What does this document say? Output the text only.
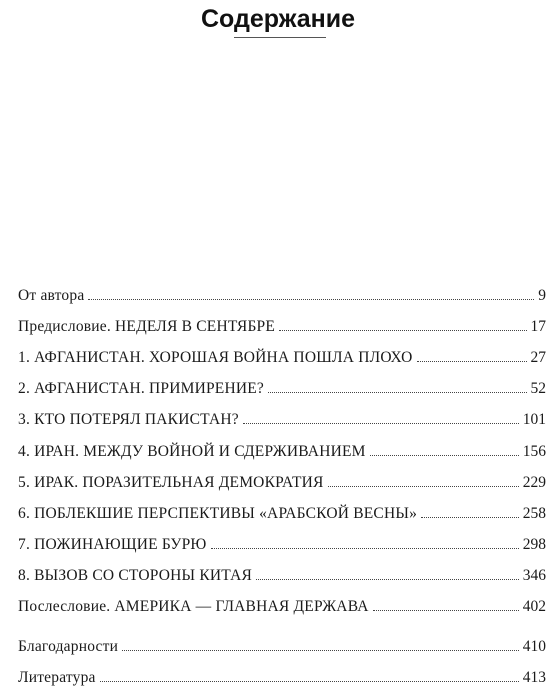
Содержание
От автора	9
Предисловие. НЕДЕЛЯ В СЕНТЯБРЕ	17
1. АФГАНИСТАН. ХОРОШАЯ ВОЙНА ПОШЛА ПЛОХО	27
2. АФГАНИСТАН. ПРИМИРЕНИЕ?	52
3. КТО ПОТЕРЯЛ ПАКИСТАН?	101
4. ИРАН. МЕЖДУ ВОЙНОЙ И СДЕРЖИВАНИЕМ	156
5. ИРАК. ПОРАЗИТЕЛЬНАЯ ДЕМОКРАТИЯ	229
6. ПОБЛЕКШИЕ ПЕРСПЕКТИВЫ «АРАБСКОЙ ВЕСНЫ»	258
7. ПОЖИНАЮЩИЕ БУРЮ	298
8. ВЫЗОВ СО СТОРОНЫ КИТАЯ	346
Послесловие. АМЕРИКА — ГЛАВНАЯ ДЕРЖАВА	402
Благодарности	410
Литература	413
